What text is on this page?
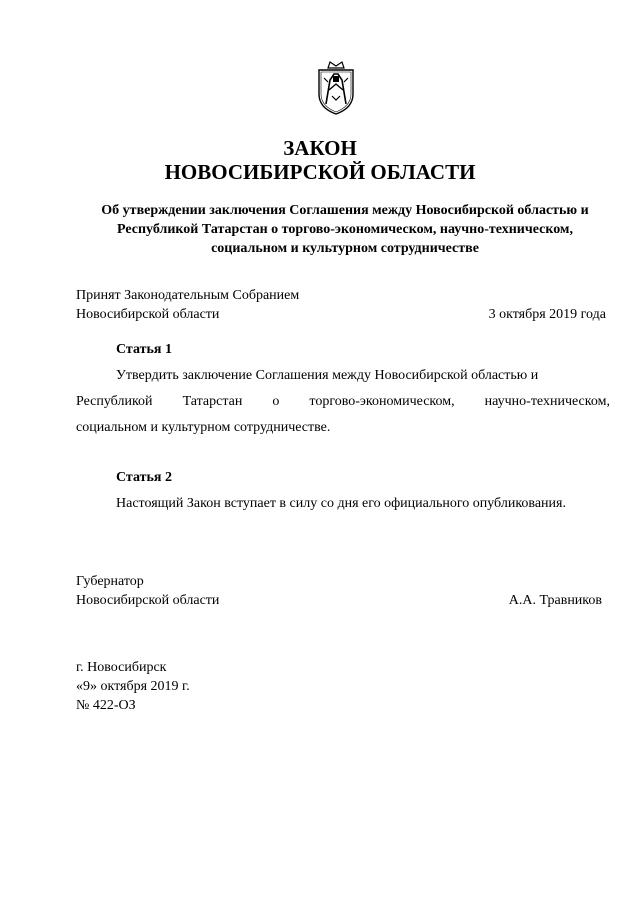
ЗАКОН
НОВОСИБИРСКОЙ ОБЛАСТИ
Об утверждении заключения Соглашения между Новосибирской областью и
Республикой Татарстан о торгово-экономическом, научно-техническом,
социальном и культурном сотрудничестве
Принят Законодательным Собранием
Новосибирской области	3 октября 2019 года
Статья 1
Утвердить заключение Соглашения между Новосибирской областью и
Республикой Татарстан о торгово-экономическом, научно-техническом,
социальном и культурном сотрудничестве.
Статья 2
Настоящий Закон вступает в силу со дня его официального опубликования.
Губернатор
Новосибирской области	А.А. Травников
г. Новосибирск
«9» октября 2019 г.
№ 422-ОЗ
